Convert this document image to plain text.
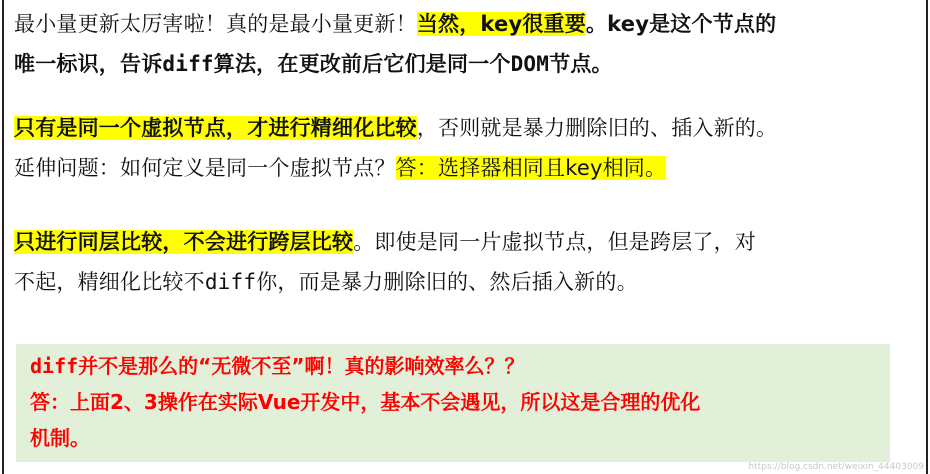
最小量更新太厉害啦！真的是最小量更新！当然，key很重要。key是这个节点的
唯一标识，告诉diff算法，在更改前后它们是同一个DOM节点。
只有是同一个虚拟节点，才进行精细化比较，否则就是暴力删除旧的、插入新的。
延伸问题：如何定义是同一个虚拟节点？答：选择器相同且key相同。
只进行同层比较，不会进行跨层比较。即使是同一片虚拟节点，但是跨层了，对
不起，精细化比较不diff你，而是暴力删除旧的、然后插入新的。
diff并不是那么的“无微不至”啊！真的影响效率么？？
答：上面2、3操作在实际Vue开发中，基本不会遇见，所以这是合理的优化
机制。
https://blog.csdn.net/weixin_44403009
